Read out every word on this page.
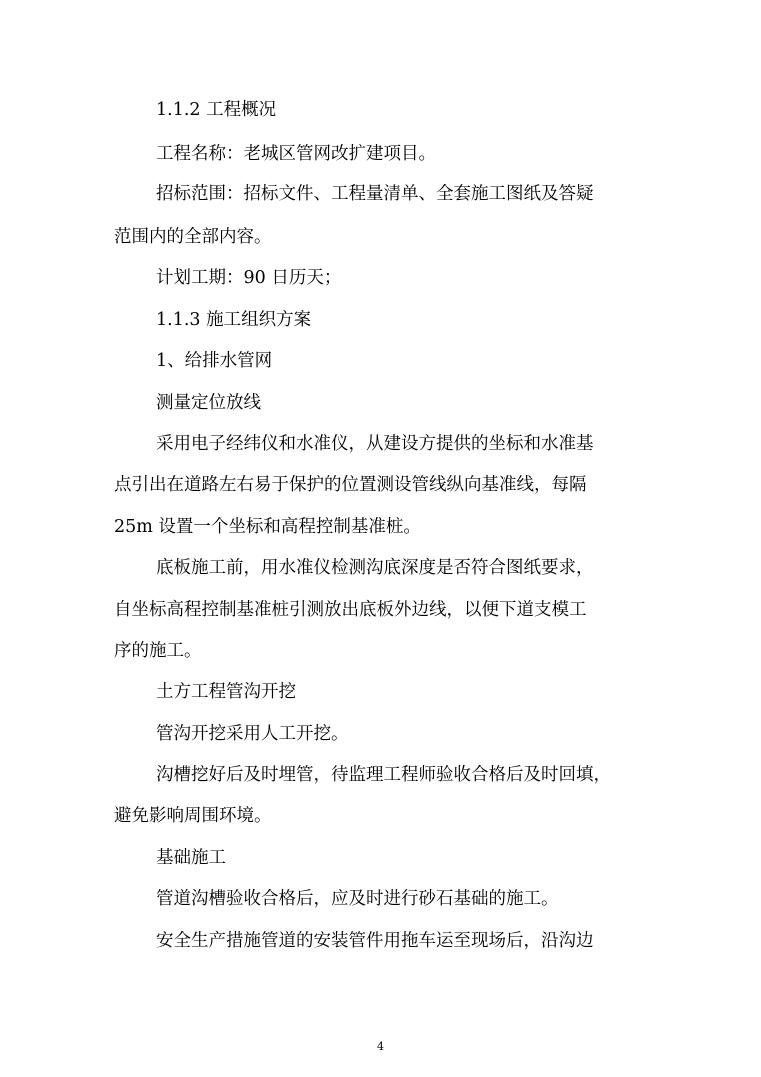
1.1.2 工程概况
工程名称：老城区管网改扩建项目。
招标范围：招标文件、工程量清单、全套施工图纸及答疑
范围内的全部内容。
计划工期：90 日历天；
1.1.3 施工组织方案
1、给排水管网
测量定位放线
采用电子经纬仪和水准仪，从建设方提供的坐标和水准基
点引出在道路左右易于保护的位置测设管线纵向基准线，每隔
25m 设置一个坐标和高程控制基准桩。
底板施工前，用水准仪检测沟底深度是否符合图纸要求，
自坐标高程控制基准桩引测放出底板外边线，以便下道支模工
序的施工。
土方工程管沟开挖
管沟开挖采用人工开挖。
沟槽挖好后及时埋管，待监理工程师验收合格后及时回填，
避免影响周围环境。
基础施工
管道沟槽验收合格后，应及时进行砂石基础的施工。
安全生产措施管道的安装管件用拖车运至现场后，沿沟边
4
